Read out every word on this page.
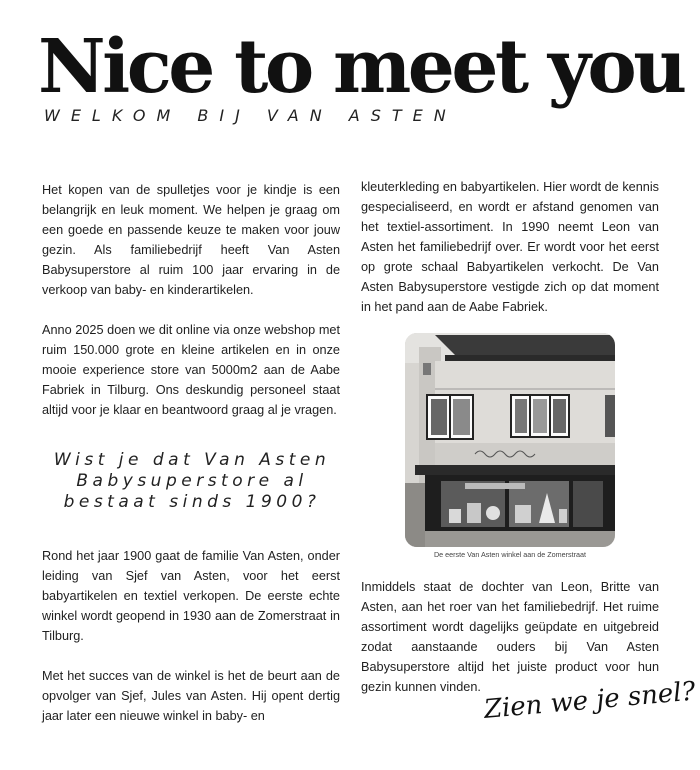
Nice to meet you
WELKOM BIJ VAN ASTEN

Het kopen van de spulletjes voor je kindje is een belangrijk en leuk moment. We helpen je graag om een goede en passende keuze te maken voor jouw gezin. Als familiebedrijf heeft Van Asten Babysuperstore al ruim 100 jaar ervaring in de verkoop van baby- en kinderartikelen.

Anno 2025 doen we dit online via onze webshop met ruim 150.000 grote en kleine artikelen en in onze mooie experience store van 5000m2 aan de Aabe Fabriek in Tilburg. Ons deskundig personeel staat altijd voor je klaar en beantwoord graag al je vragen.

Wist je dat Van Asten Babysuperstore al bestaat sinds 1900?

Rond het jaar 1900 gaat de familie Van Asten, onder leiding van Sjef van Asten, voor het eerst babyartikelen en textiel verkopen. De eerste echte winkel wordt geopend in 1930 aan de Zomerstraat in Tilburg.

Met het succes van de winkel is het de beurt aan de opvolger van Sjef, Jules van Asten. Hij opent dertig jaar later een nieuwe winkel in baby- en

kleuterkleding en babyartikelen. Hier wordt de kennis gespecialiseerd, en wordt er afstand genomen van het textiel-assortiment. In 1990 neemt Leon van Asten het familiebedrijf over. Er wordt voor het eerst op grote schaal Babyartikelen verkocht. De Van Asten Babysuperstore vestigde zich op dat moment in het pand aan de Aabe Fabriek.

De eerste Van Asten winkel aan de Zomerstraat

Inmiddels staat de dochter van Leon, Britte van Asten, aan het roer van het familiebedrijf. Het ruime assortiment wordt dagelijks geüpdate en uitgebreid zodat aanstaande ouders bij Van Asten Babysuperstore altijd het juiste product voor hun gezin kunnen vinden. Zien we je snel?
